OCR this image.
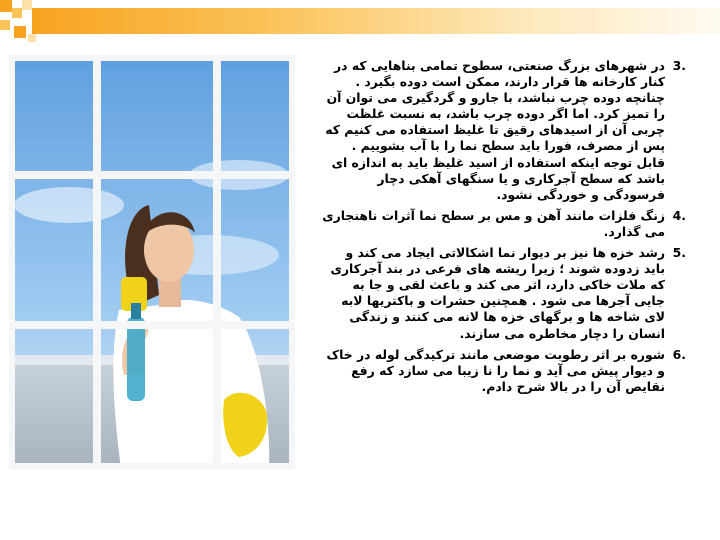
3.
در شهرهای بزرگ صنعتی، سطوح تمامی بناهایی که در کنار کارخانه ها قرار دارند، ممکن است دوده بگیرد . چنانچه دوده چرب نباشد، با جارو و گردگیری می توان آن را تمیز کرد. اما اگر دوده چرب باشد، به نسبت غلظت چربی آن از اسیدهای رقیق تا غلیظ استفاده می کنیم که پس از مصرف، فورا باید سطح نما را با آب بشوییم . قابل توجه اینکه استفاده از اسید غلیظ باید به اندازه ای باشد که سطح آجرکاری و یا سنگهای آهکی دچار فرسودگی و خوردگی نشود.

4.
زنگ فلزات مانند آهن و مس بر سطح نما آثرات ناهنجاری می گذارد.

5.
رشد خزه ها نیز بر دیوار نما اشکالاتی ایجاد می کند و باید زدوده شوند ؛ زیرا ریشه های فرعی در بند آجرکاری که ملات خاکی دارد، اثر می کند و باعث لقی و جا به جایی آجرها می شود . همچنین حشرات و باکتریها لابه لای شاخه ها و برگهای خزه ها لانه می کنند و زندگی انسان را دچار مخاطره می سازند.

6.
شوره بر اثر رطوبت موضعی مانند ترکیدگی لوله در خاک و دیوار پیش می آید و نما را نا زیبا می سازد که رفع نقایص آن را در بالا شرح دادم.
